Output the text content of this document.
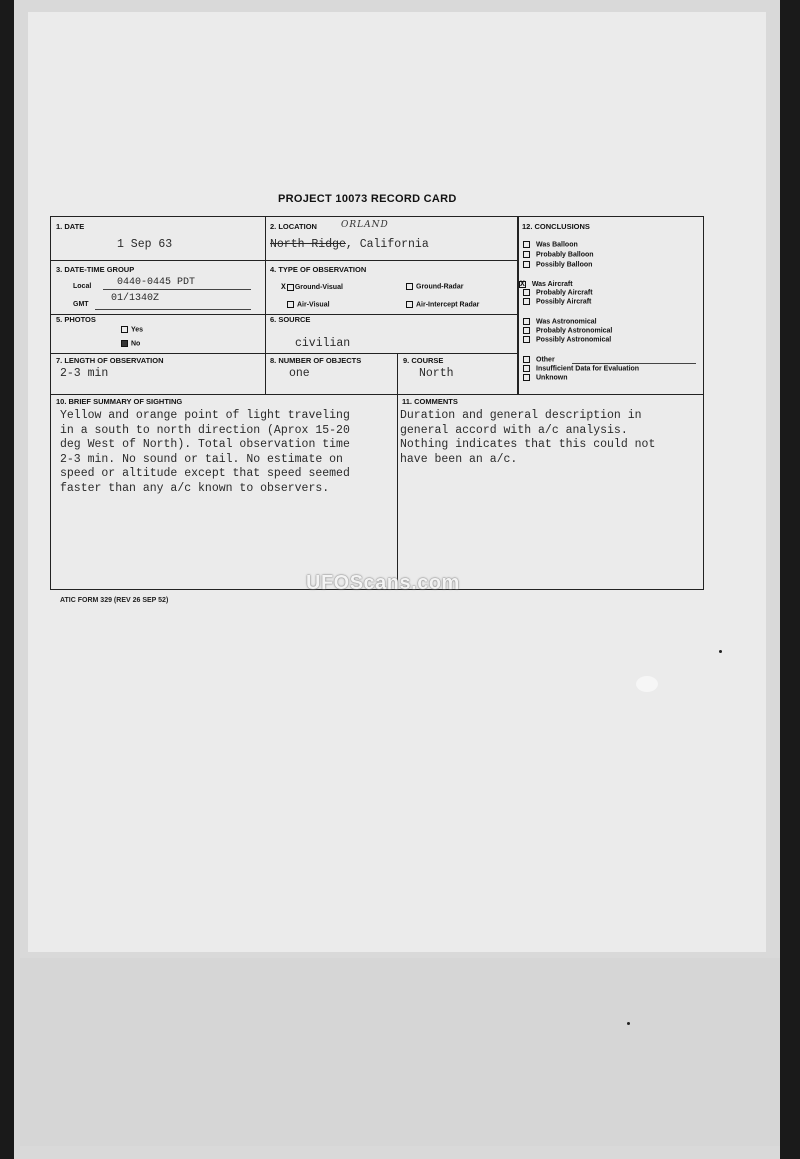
PROJECT 10073 RECORD CARD
1. DATE
1 Sep 63
2. LOCATION	ORLAND
North Ridge, California
3. DATE-TIME GROUP
Local	0440-0445 PDT
GMT
01/1340Z
4. TYPE OF OBSERVATION
X Ground-Visual	Ground-Radar
Air-Visual	Air-Intercept Radar
5. PHOTOS
Yes
No
6. SOURCE
civilian
7. LENGTH OF OBSERVATION
2-3 min
8. NUMBER OF OBJECTS
one
9. COURSE
North
12. CONCLUSIONS
Was Balloon
Probably Balloon
Possibly Balloon
X Was Aircraft
Probably Aircraft
Possibly Aircraft
Was Astronomical
Probably Astronomical
Possibly Astronomical
Other
Insufficient Data for Evaluation
Unknown
10. BRIEF SUMMARY OF SIGHTING
Yellow and orange point of light traveling
in a south to north direction (Aprox 15-20
deg West of North). Total observation time
2-3 min. No sound or tail. No estimate on
speed or altitude except that speed seemed
faster than any a/c known to observers.
11. COMMENTS
Duration and general description in
general accord with a/c analysis.
Nothing indicates that this could not
have been an a/c.
UFOScans.com
ATIC FORM 329 (REV 26 SEP 52)
